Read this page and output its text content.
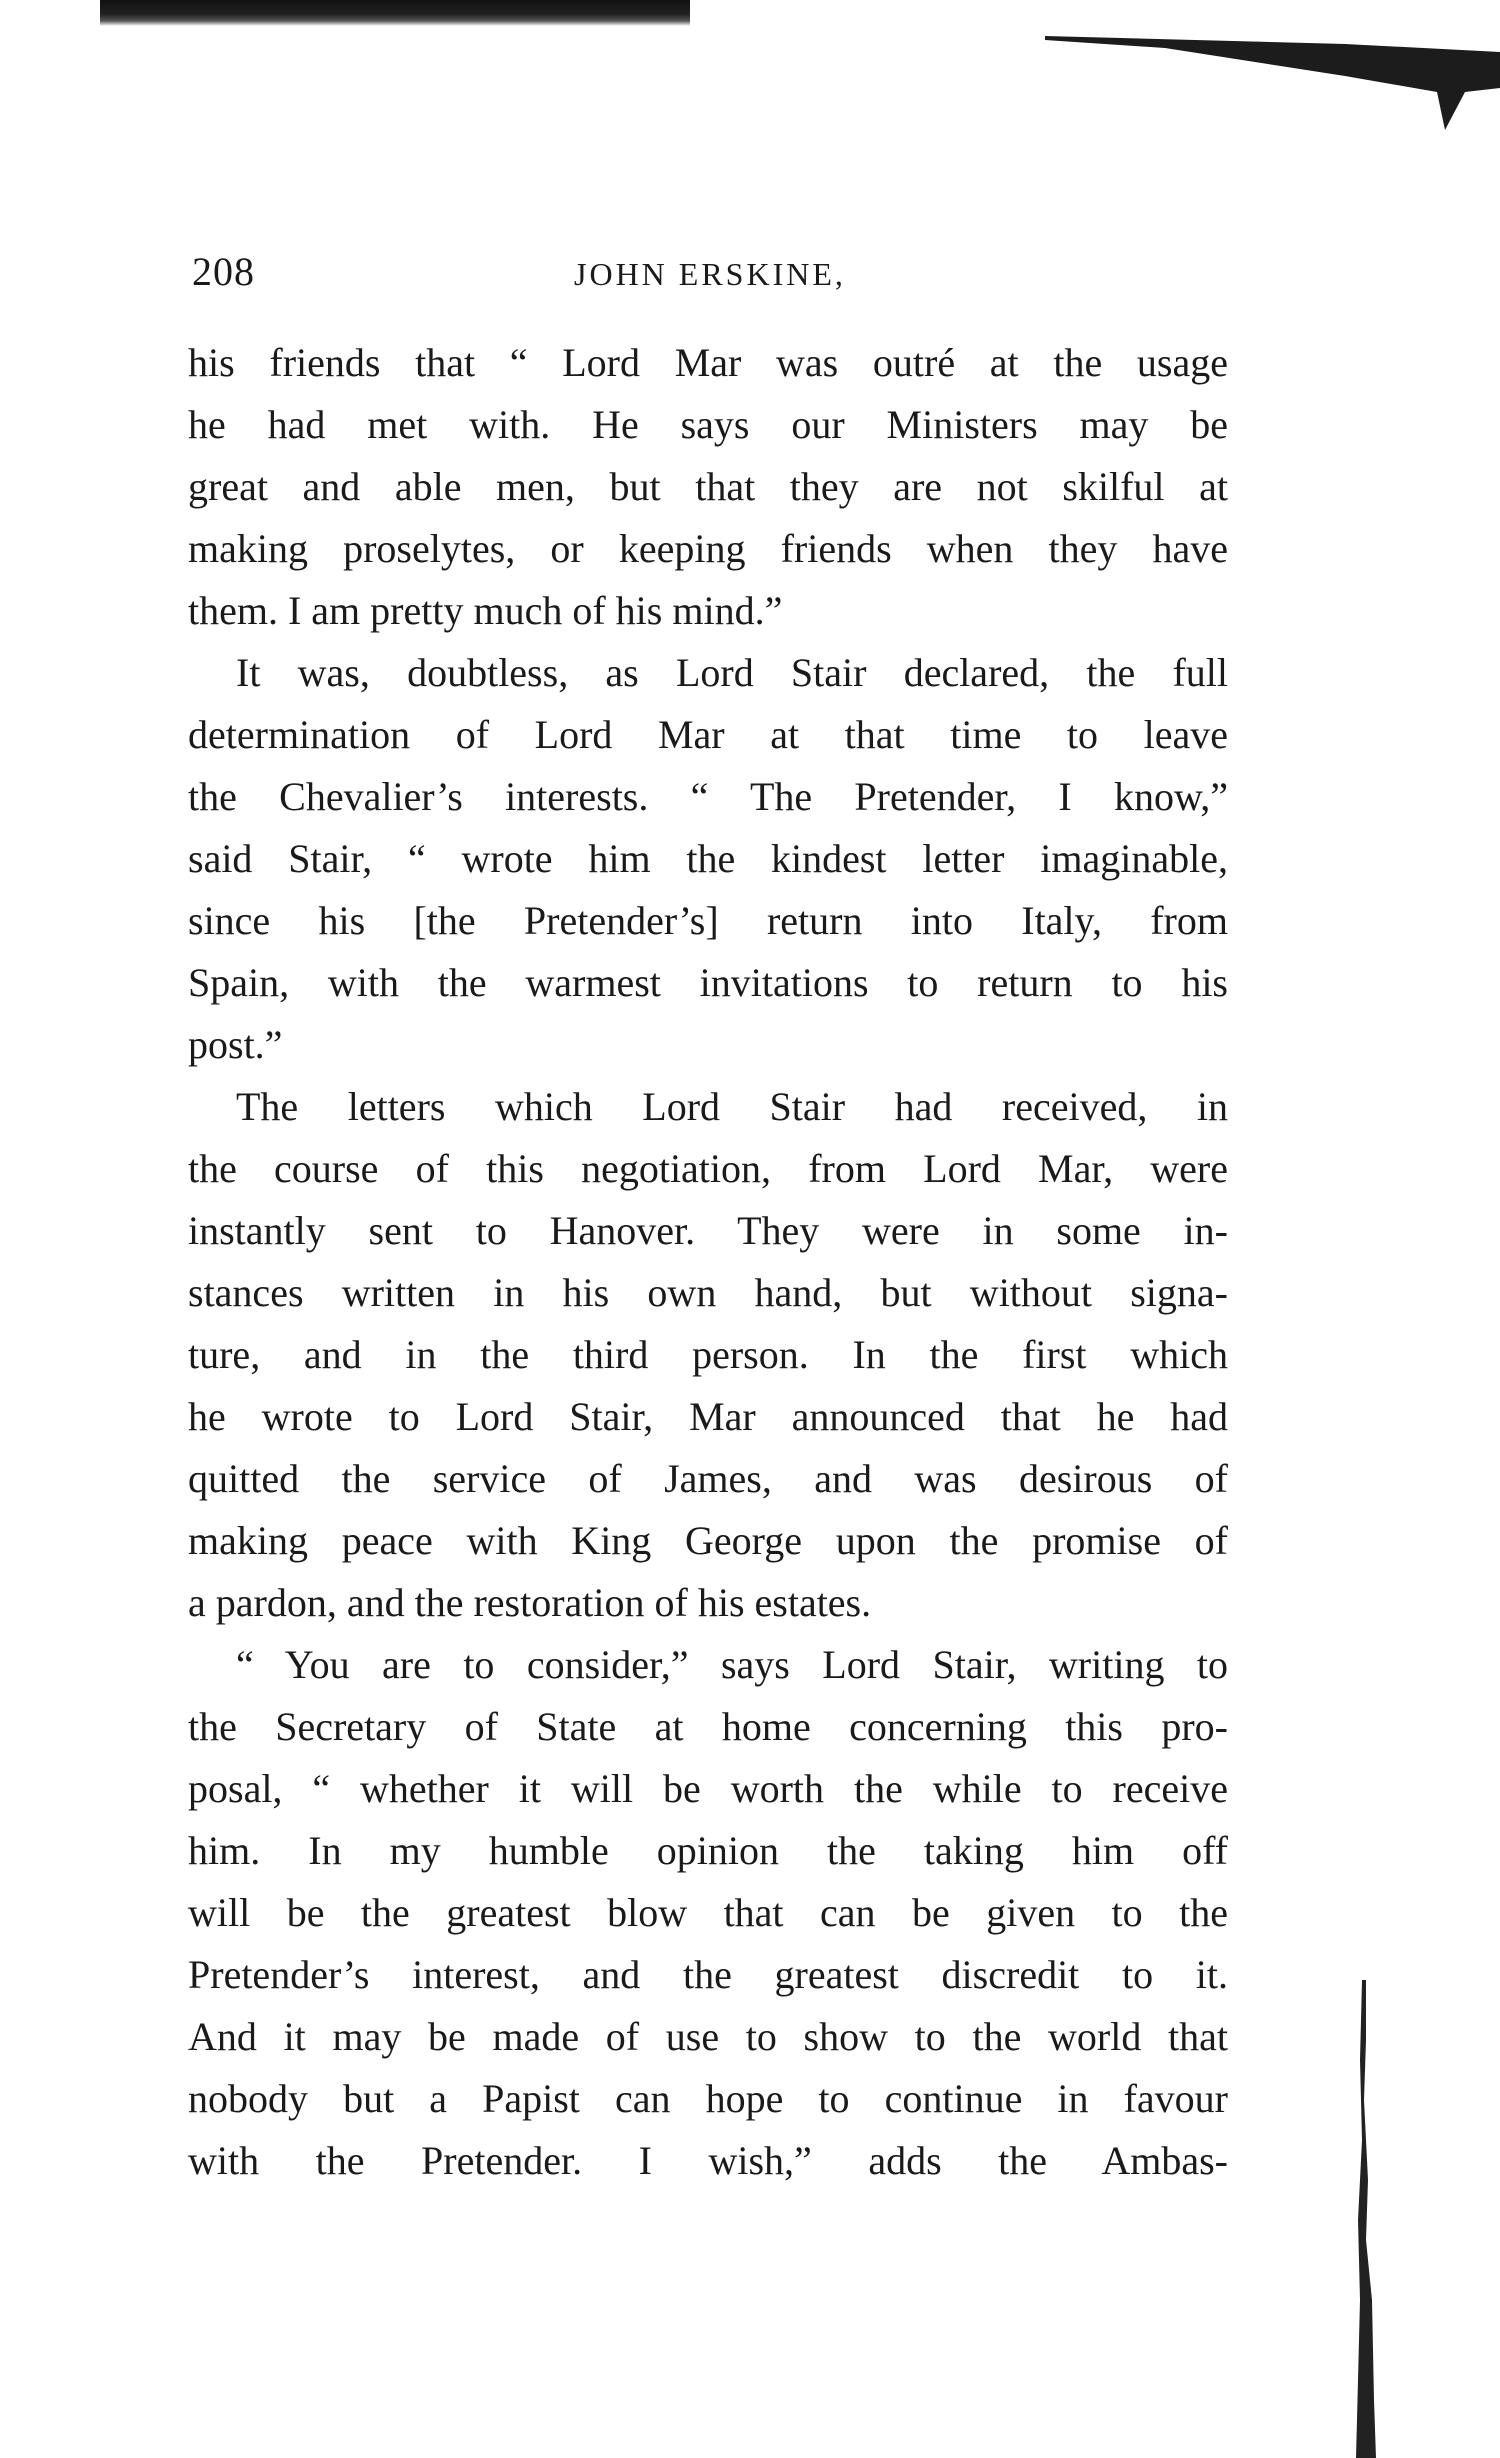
208	JOHN ERSKINE,
his friends that “ Lord Mar was outré at the usage
he had met with. He says our Ministers may be
great and able men, but that they are not skilful at
making proselytes, or keeping friends when they have
them. I am pretty much of his mind.”
It was, doubtless, as Lord Stair declared, the full
determination of Lord Mar at that time to leave
the Chevalier’s interests. “ The Pretender, I know,”
said Stair, “ wrote him the kindest letter imaginable,
since his [the Pretender’s] return into Italy, from
Spain, with the warmest invitations to return to his
post.”
The letters which Lord Stair had received, in
the course of this negotiation, from Lord Mar, were
instantly sent to Hanover. They were in some in-
stances written in his own hand, but without signa-
ture, and in the third person. In the first which
he wrote to Lord Stair, Mar announced that he had
quitted the service of James, and was desirous of
making peace with King George upon the promise of
a pardon, and the restoration of his estates.
“ You are to consider,” says Lord Stair, writing to
the Secretary of State at home concerning this pro-
posal, “ whether it will be worth the while to receive
him. In my humble opinion the taking him off
will be the greatest blow that can be given to the
Pretender’s interest, and the greatest discredit to it.
And it may be made of use to show to the world that
nobody but a Papist can hope to continue in favour
with the Pretender. I wish,” adds the Ambas-
